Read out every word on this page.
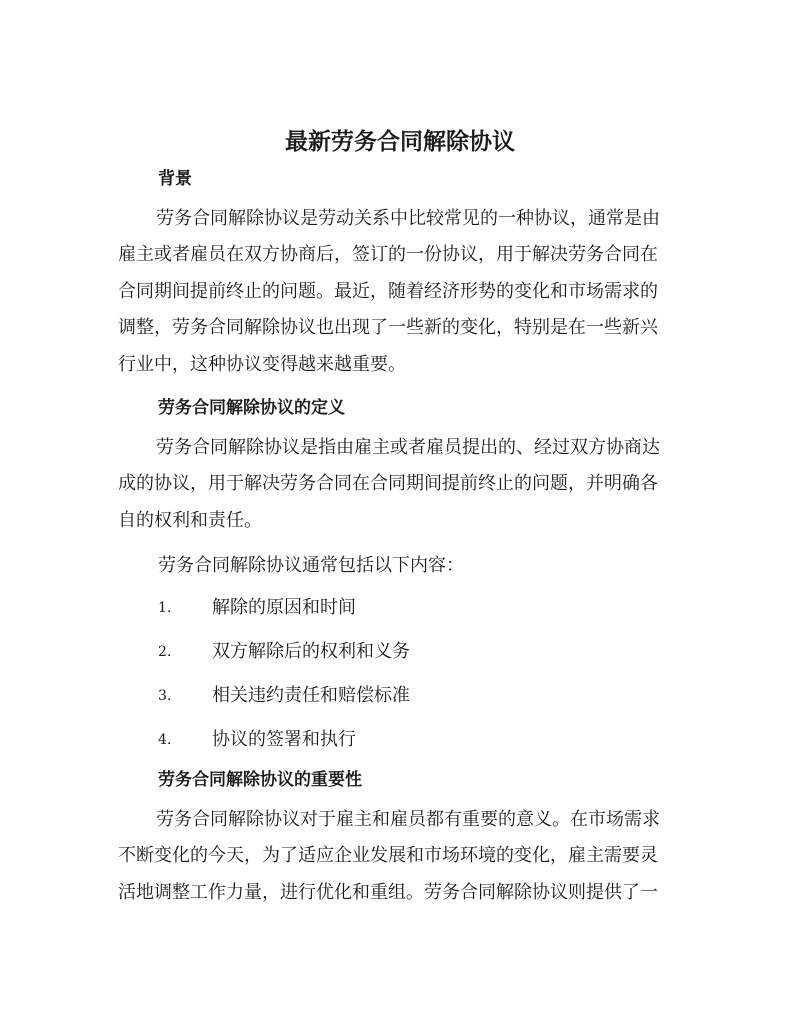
最新劳务合同解除协议
背景
劳务合同解除协议是劳动关系中比较常见的一种协议，通常是由
雇主或者雇员在双方协商后，签订的一份协议，用于解决劳务合同在
合同期间提前终止的问题。最近，随着经济形势的变化和市场需求的
调整，劳务合同解除协议也出现了一些新的变化，特别是在一些新兴
行业中，这种协议变得越来越重要。
劳务合同解除协议的定义
劳务合同解除协议是指由雇主或者雇员提出的、经过双方协商达
成的协议，用于解决劳务合同在合同期间提前终止的问题，并明确各
自的权利和责任。
劳务合同解除协议通常包括以下内容：
1. 解除的原因和时间
2. 双方解除后的权利和义务
3. 相关违约责任和赔偿标准
4. 协议的签署和执行
劳务合同解除协议的重要性
劳务合同解除协议对于雇主和雇员都有重要的意义。在市场需求
不断变化的今天，为了适应企业发展和市场环境的变化，雇主需要灵
活地调整工作力量，进行优化和重组。劳务合同解除协议则提供了一
